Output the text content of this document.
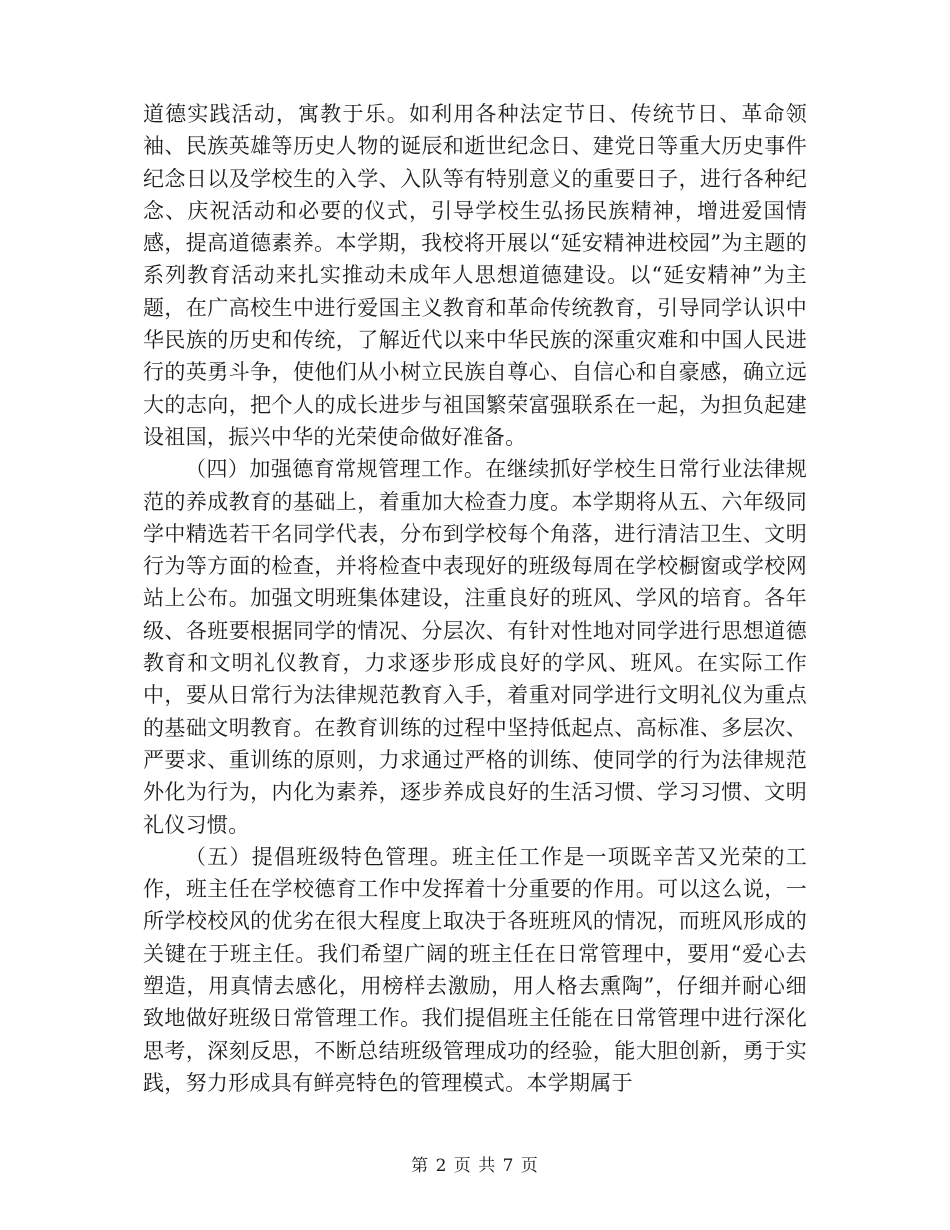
道德实践活动，寓教于乐。如利用各种法定节日、传统节日、革命领袖、民族英雄等历史人物的诞辰和逝世纪念日、建党日等重大历史事件纪念日以及学校生的入学、入队等有特别意义的重要日子，进行各种纪念、庆祝活动和必要的仪式，引导学校生弘扬民族精神，增进爱国情感，提高道德素养。本学期，我校将开展以“延安精神进校园”为主题的系列教育活动来扎实推动未成年人思想道德建设。以“延安精神”为主题，在广高校生中进行爱国主义教育和革命传统教育，引导同学认识中华民族的历史和传统，了解近代以来中华民族的深重灾难和中国人民进行的英勇斗争，使他们从小树立民族自尊心、自信心和自豪感，确立远大的志向，把个人的成长进步与祖国繁荣富强联系在一起，为担负起建设祖国，振兴中华的光荣使命做好准备。

（四）加强德育常规管理工作。在继续抓好学校生日常行业法律规范的养成教育的基础上，着重加大检查力度。本学期将从五、六年级同学中精选若干名同学代表，分布到学校每个角落，进行清洁卫生、文明行为等方面的检查，并将检查中表现好的班级每周在学校橱窗或学校网站上公布。加强文明班集体建设，注重良好的班风、学风的培育。各年级、各班要根据同学的情况、分层次、有针对性地对同学进行思想道德教育和文明礼仪教育，力求逐步形成良好的学风、班风。在实际工作中，要从日常行为法律规范教育入手，着重对同学进行文明礼仪为重点的基础文明教育。在教育训练的过程中坚持低起点、高标准、多层次、严要求、重训练的原则，力求通过严格的训练、使同学的行为法律规范外化为行为，内化为素养，逐步养成良好的生活习惯、学习习惯、文明礼仪习惯。

（五）提倡班级特色管理。班主任工作是一项既辛苦又光荣的工作，班主任在学校德育工作中发挥着十分重要的作用。可以这么说，一所学校校风的优劣在很大程度上取决于各班班风的情况，而班风形成的关键在于班主任。我们希望广阔的班主任在日常管理中，要用“爱心去塑造，用真情去感化，用榜样去激励，用人格去熏陶”，仔细并耐心细致地做好班级日常管理工作。我们提倡班主任能在日常管理中进行深化思考，深刻反思，不断总结班级管理成功的经验，能大胆创新，勇于实践，努力形成具有鲜亮特色的管理模式。本学期属于

第 2 页 共 7 页
